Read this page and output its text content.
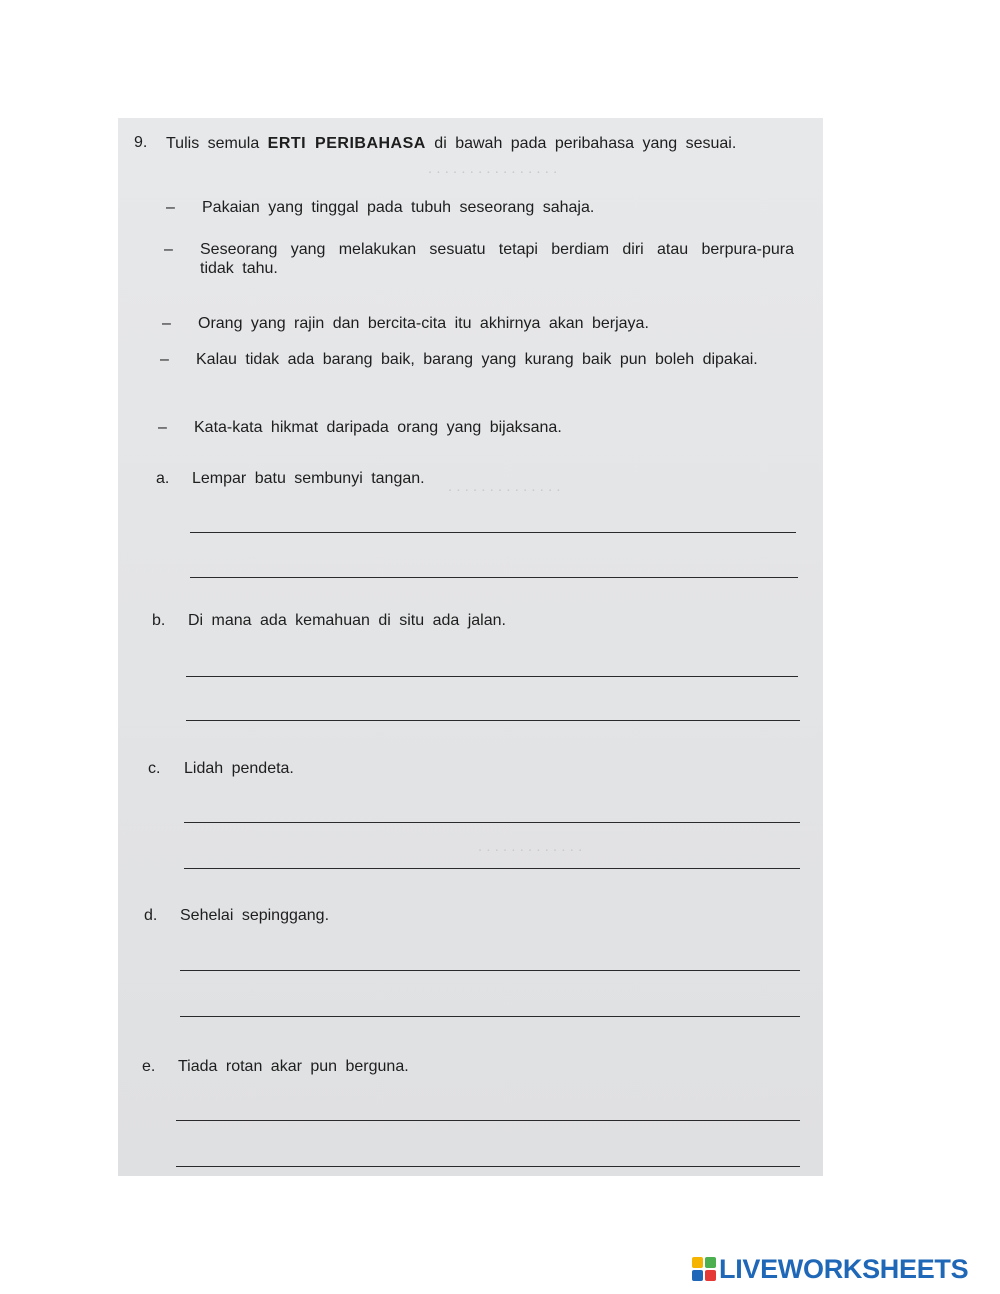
. . . . . . . . . . . . . . . .
. . . . . . . . . . . . . .
. . . . . . . . . . . . .
9. Tulis semula ERTI PERIBAHASA di bawah pada peribahasa yang sesuai.
– Pakaian yang tinggal pada tubuh seseorang sahaja.
– Seseorang yang melakukan sesuatu tetapi berdiam diri atau berpura-pura tidak tahu.
– Orang yang rajin dan bercita-cita itu akhirnya akan berjaya.
– Kalau tidak ada barang baik, barang yang kurang baik pun boleh dipakai.
– Kata-kata hikmat daripada orang yang bijaksana.
a. Lempar batu sembunyi tangan.
b. Di mana ada kemahuan di situ ada jalan.
c. Lidah pendeta.
d. Sehelai sepinggang.
e. Tiada rotan akar pun berguna.
LIVEWORKSHEETS
